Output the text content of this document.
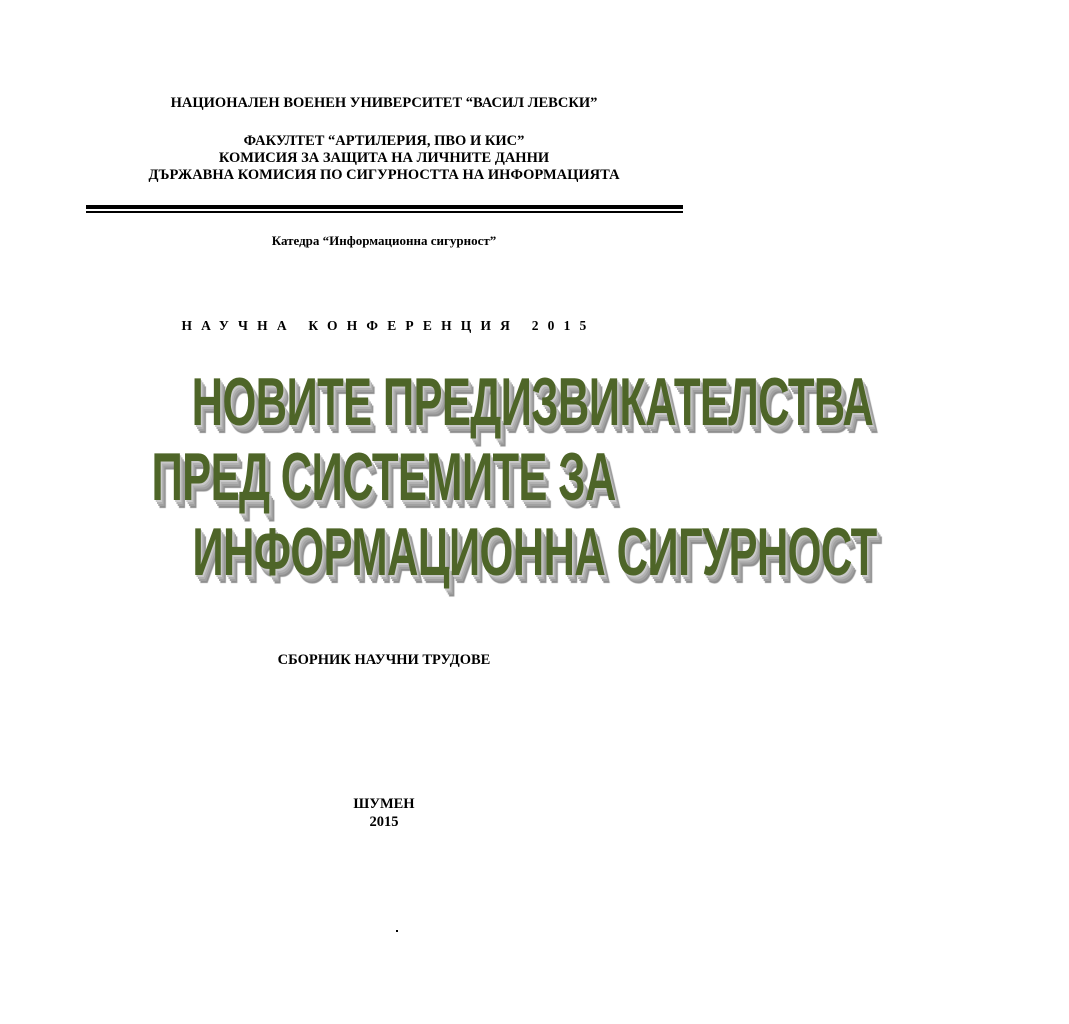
НАЦИОНАЛЕН ВОЕНЕН УНИВЕРСИТЕТ “ВАСИЛ ЛЕВСКИ”
ФАКУЛТЕТ “АРТИЛЕРИЯ, ПВО И КИС”
КОМИСИЯ ЗА ЗАЩИТА НА ЛИЧНИТЕ ДАННИ
ДЪРЖАВНА КОМИСИЯ ПО СИГУРНОСТТА НА ИНФОРМАЦИЯТА
Катедра “Информационна сигурност”
НАУЧНА КОНФЕРЕНЦИЯ 2015
НОВИТЕ ПРЕДИЗВИКАТЕЛСТВА
ПРЕД СИСТЕМИТЕ ЗА
ИНФОРМАЦИОННА СИГУРНОСТ
СБОРНИК НАУЧНИ ТРУДОВЕ
ШУМЕН
2015
